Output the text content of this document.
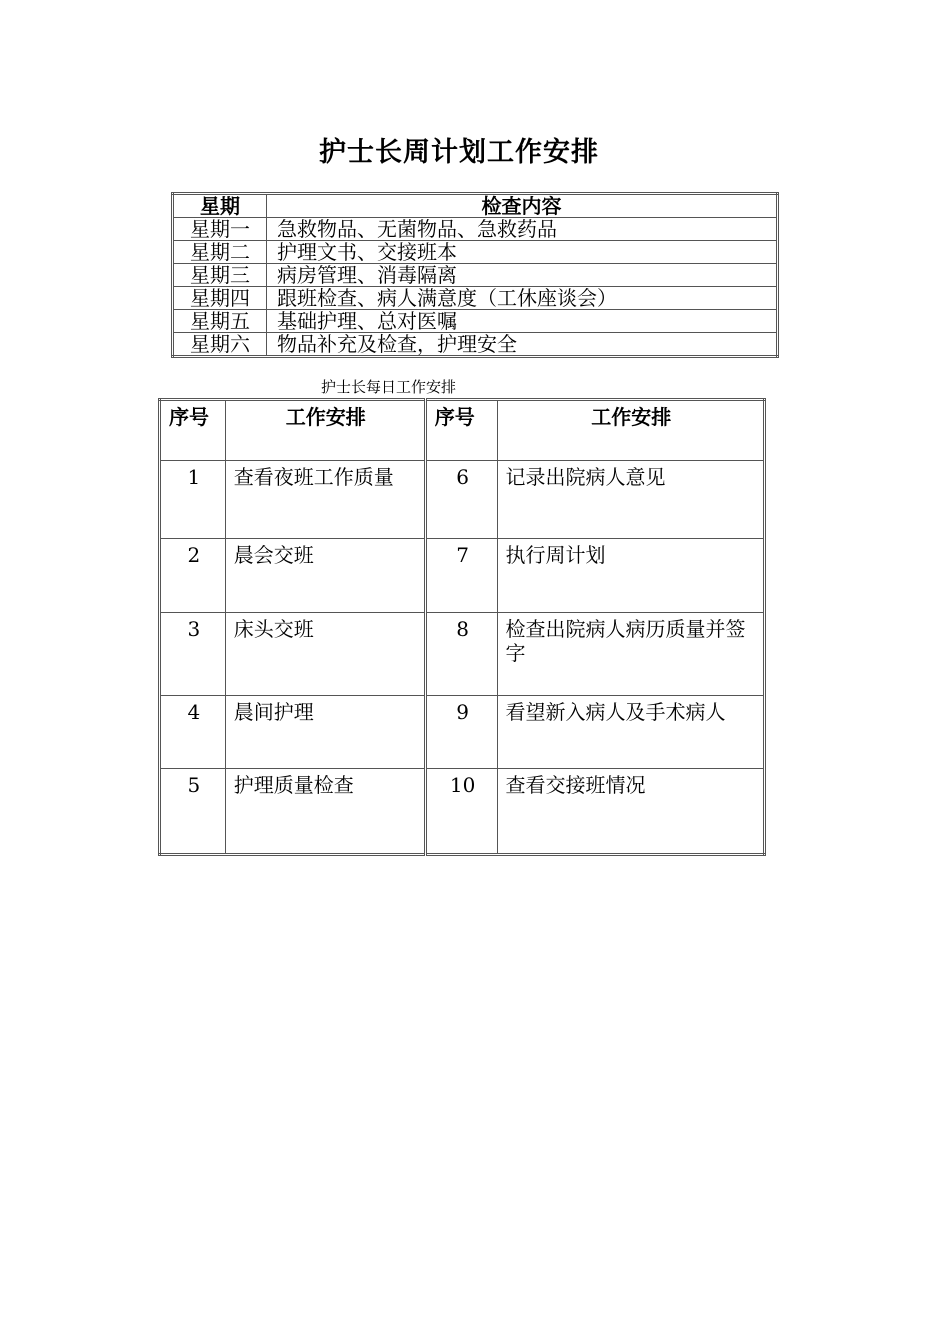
护士长周计划工作安排
星期	检查内容
星期一	急救物品、无菌物品、急救药品
星期二	护理文书、交接班本
星期三	病房管理、消毒隔离
星期四	跟班检查、病人满意度（工休座谈会）
星期五	基础护理、总对医嘱
星期六	物品补充及检查，护理安全
护士长每日工作安排
序号	工作安排	序号	工作安排
1	查看夜班工作质量	6	记录出院病人意见
2	晨会交班	7	执行周计划
3	床头交班	8	检查出院病人病历质量并签字
4	晨间护理	9	看望新入病人及手术病人
5	护理质量检查	10	查看交接班情况
